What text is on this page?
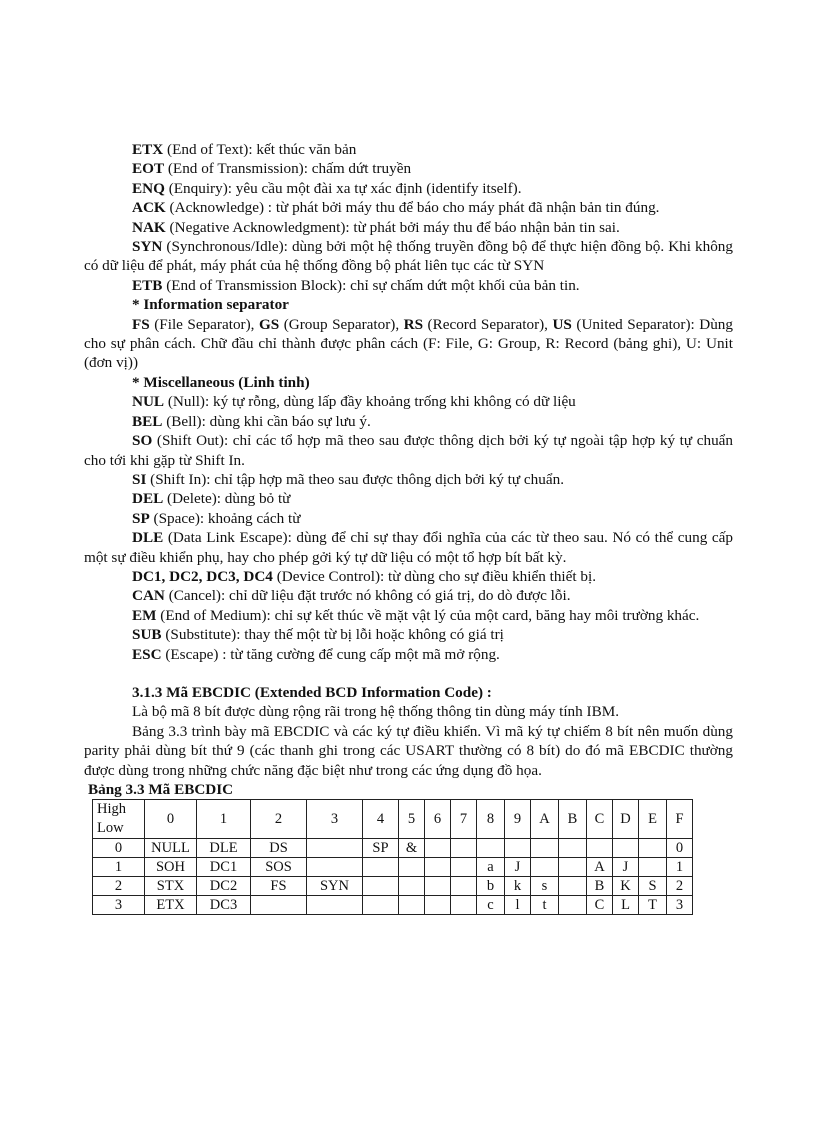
ETX (End of Text): kết thúc văn bản

EOT (End of Transmission): chấm dứt truyền

ENQ (Enquiry): yêu cầu một đài xa tự xác định (identify itself).

ACK (Acknowledge) : từ phát bởi máy thu để báo cho máy phát đã nhận bản tin đúng.

NAK (Negative Acknowledgment): từ phát bởi máy thu để báo nhận bản tin sai.

SYN (Synchronous/Idle): dùng bởi một hệ thống truyền đồng bộ để thực hiện đồng bộ. Khi không có dữ liệu để phát, máy phát của hệ thống đồng bộ phát liên tục các từ SYN

ETB (End of Transmission Block): chỉ sự chấm dứt một khối của bản tin.

* Information separator

FS (File Separator), GS (Group Separator), RS (Record Separator), US (United Separator): Dùng cho sự phân cách. Chữ đầu chỉ thành được phân cách (F: File, G: Group, R: Record (bảng ghi), U: Unit (đơn vị))

* Miscellaneous (Linh tinh)

NUL (Null): ký tự rỗng, dùng lấp đầy khoảng trống khi không có dữ liệu

BEL (Bell): dùng khi cần báo sự lưu ý.

SO (Shift Out): chỉ các tổ hợp mã theo sau được thông dịch bởi ký tự ngoài tập hợp ký tự chuẩn cho tới khi gặp từ Shift In.

SI (Shift In): chỉ tập hợp mã theo sau được thông dịch bởi ký tự chuẩn.

DEL (Delete): dùng bỏ từ

SP (Space): khoảng cách từ

DLE (Data Link Escape): dùng để chỉ sự thay đổi nghĩa của các từ theo sau. Nó có thể cung cấp một sự điều khiển phụ, hay cho phép gởi ký tự dữ liệu có một tổ hợp bít bất kỳ.

DC1, DC2, DC3, DC4 (Device Control): từ dùng cho sự điều khiển thiết bị.

CAN (Cancel): chỉ dữ liệu đặt trước nó không có giá trị, do dò được lỗi.

EM (End of Medium): chỉ sự kết thúc về mặt vật lý của một card, băng hay môi trường khác.

SUB (Substitute): thay thế một từ bị lỗi hoặc không có giá trị

ESC (Escape) : từ tăng cường để cung cấp một mã mở rộng.

3.1.3 Mã EBCDIC (Extended BCD Information Code) :

Là bộ mã 8 bít được dùng rộng rãi trong hệ thống thông tin dùng máy tính IBM.

Bảng 3.3 trình bày mã EBCDIC và các ký tự điều khiển. Vì mã ký tự chiếm 8 bít nên muốn dùng parity phải dùng bít thứ 9 (các thanh ghi trong các USART thường có 8 bít) do đó mã EBCDIC thường được dùng trong những chức năng đặc biệt như trong các ứng dụng đồ họa.

Bảng 3.3 Mã EBCDIC

High
Low	0	1	2	3	4	5	6	7	8	9	A	B	C	D	E	F
0	NULL	DLE	DS		SP	&										0
1	SOH	DC1	SOS						a	J			A	J		1
2	STX	DC2	FS	SYN					b	k	s		B	K	S	2
3	ETX	DC3							c	l	t		C	L	T	3
